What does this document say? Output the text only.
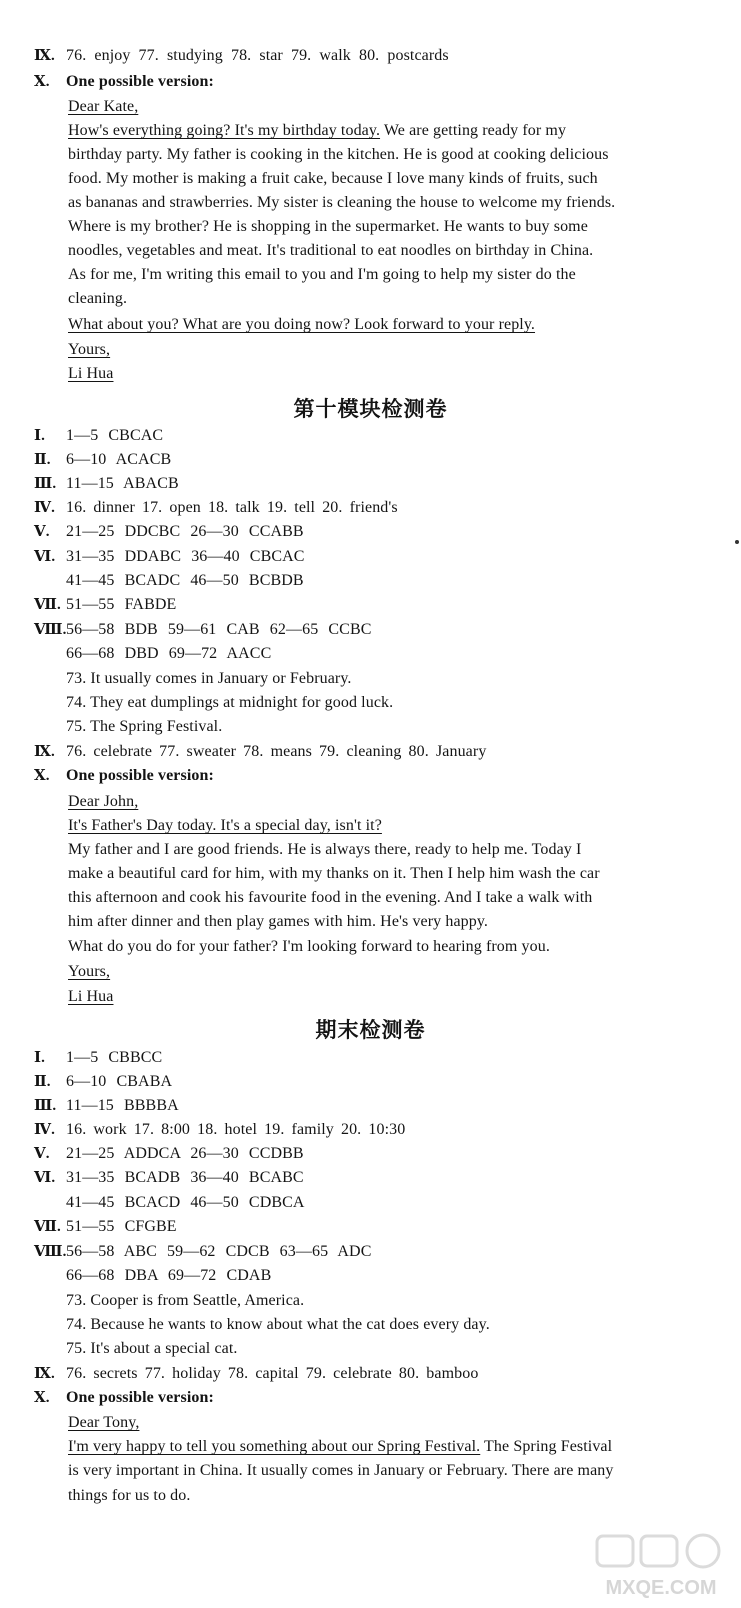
Ⅸ. 76. enjoy 77. studying 78. star 79. walk 80. postcards
Ⅹ. One possible version:
Dear Kate,
How's everything going? It's my birthday today. We are getting ready for my
birthday party. My father is cooking in the kitchen. He is good at cooking delicious
food. My mother is making a fruit cake, because I love many kinds of fruits, such
as bananas and strawberries. My sister is cleaning the house to welcome my friends.
Where is my brother? He is shopping in the supermarket. He wants to buy some
noodles, vegetables and meat. It's traditional to eat noodles on birthday in China.
As for me, I'm writing this email to you and I'm going to help my sister do the
cleaning.
What about you? What are you doing now? Look forward to your reply.
Yours,
Li Hua
第十模块检测卷
Ⅰ. 1—5 CBCAC
Ⅱ. 6—10 ACACB
Ⅲ. 11—15 ABACB
Ⅳ. 16. dinner 17. open 18. talk 19. tell 20. friend's
Ⅴ. 21—25 DDCBC 26—30 CCABB
Ⅵ. 31—35 DDABC 36—40 CBCAC
41—45 BCADC 46—50 BCBDB
Ⅶ. 51—55 FABDE
Ⅷ. 56—58 BDB 59—61 CAB 62—65 CCBC
66—68 DBD 69—72 AACC
73. It usually comes in January or February.
74. They eat dumplings at midnight for good luck.
75. The Spring Festival.
Ⅸ. 76. celebrate 77. sweater 78. means 79. cleaning 80. January
Ⅹ. One possible version:
Dear John,
It's Father's Day today. It's a special day, isn't it?
My father and I are good friends. He is always there, ready to help me. Today I
make a beautiful card for him, with my thanks on it. Then I help him wash the car
this afternoon and cook his favourite food in the evening. And I take a walk with
him after dinner and then play games with him. He's very happy.
What do you do for your father? I'm looking forward to hearing from you.
Yours,
Li Hua
期末检测卷
Ⅰ. 1—5 CBBCC
Ⅱ. 6—10 CBABA
Ⅲ. 11—15 BBBBA
Ⅳ. 16. work 17. 8:00 18. hotel 19. family 20. 10:30
Ⅴ. 21—25 ADDCA 26—30 CCDBB
Ⅵ. 31—35 BCADB 36—40 BCABC
41—45 BCACD 46—50 CDBCA
Ⅶ. 51—55 CFGBE
Ⅷ. 56—58 ABC 59—62 CDCB 63—65 ADC
66—68 DBA 69—72 CDAB
73. Cooper is from Seattle, America.
74. Because he wants to know about what the cat does every day.
75. It's about a special cat.
Ⅸ. 76. secrets 77. holiday 78. capital 79. celebrate 80. bamboo
Ⅹ. One possible version:
Dear Tony,
I'm very happy to tell you something about our Spring Festival. The Spring Festival
is very important in China. It usually comes in January or February. There are many
things for us to do.
MXQE.COM
